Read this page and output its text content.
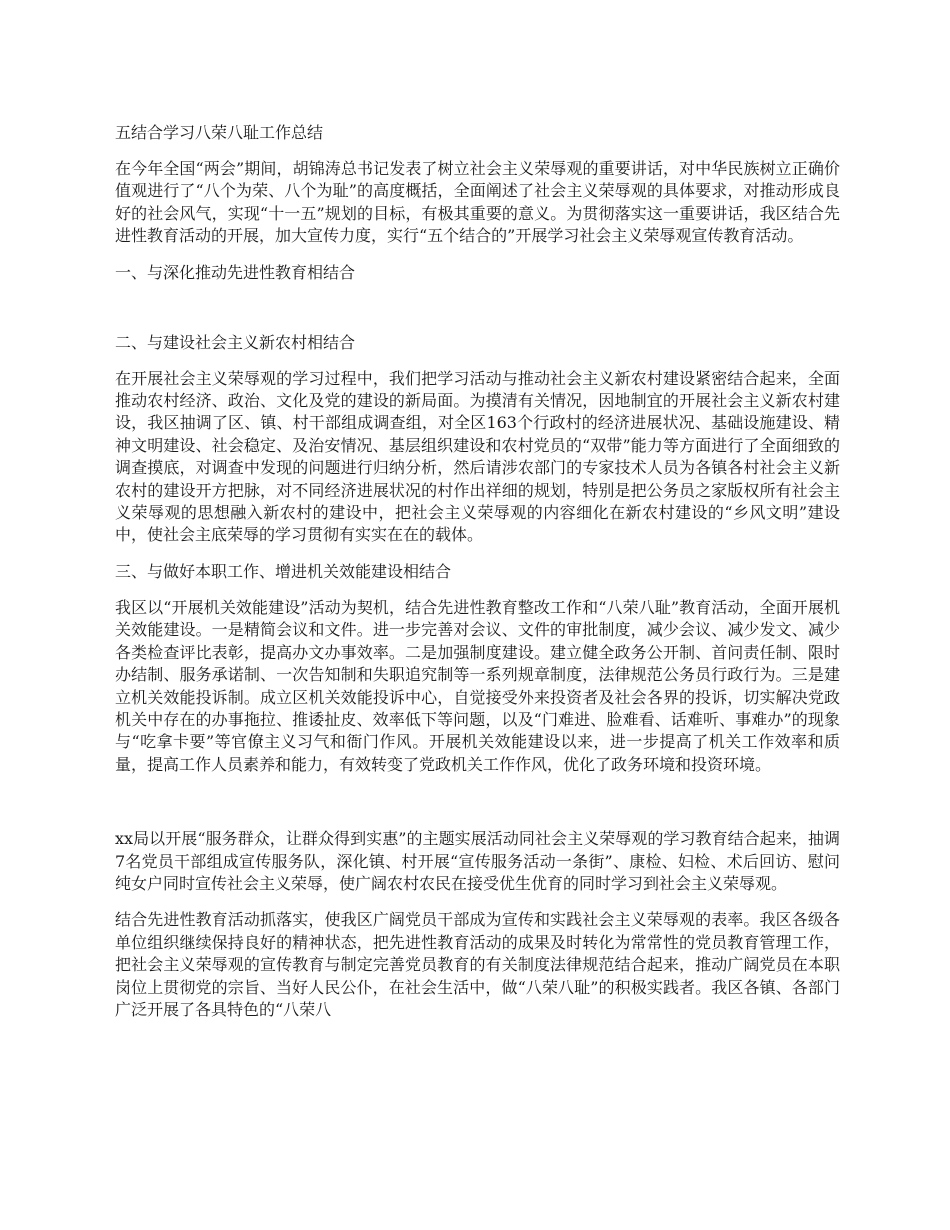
五结合学习八荣八耻工作总结

在今年全国“两会”期间，胡锦涛总书记发表了树立社会主义荣辱观的重要讲话，对中华民族树立正确价值观进行了“八个为荣、八个为耻”的高度概括，全面阐述了社会主义荣辱观的具体要求，对推动形成良好的社会风气，实现“十一五”规划的目标，有极其重要的意义。为贯彻落实这一重要讲话，我区结合先进性教育活动的开展，加大宣传力度，实行“五个结合的”开展学习社会主义荣辱观宣传教育活动。

一、与深化推动先进性教育相结合
二、与建设社会主义新农村相结合

在开展社会主义荣辱观的学习过程中，我们把学习活动与推动社会主义新农村建设紧密结合起来，全面推动农村经济、政治、文化及党的建设的新局面。为摸清有关情况，因地制宜的开展社会主义新农村建设，我区抽调了区、镇、村干部组成调查组，对全区163个行政村的经济进展状况、基础设施建设、精神文明建设、社会稳定、及治安情况、基层组织建设和农村党员的“双带”能力等方面进行了全面细致的调查摸底，对调查中发现的问题进行归纳分析，然后请涉农部门的专家技术人员为各镇各村社会主义新农村的建设开方把脉，对不同经济进展状况的村作出祥细的规划，特别是把公务员之家版权所有社会主义荣辱观的思想融入新农村的建设中，把社会主义荣辱观的内容细化在新农村建设的“乡风文明”建设中，使社会主底荣辱的学习贯彻有实实在在的载体。

三、与做好本职工作、增进机关效能建设相结合

我区以“开展机关效能建设”活动为契机，结合先进性教育整改工作和“八荣八耻”教育活动，全面开展机关效能建设。一是精简会议和文件。进一步完善对会议、文件的审批制度，减少会议、减少发文、减少各类检查评比表彰，提高办文办事效率。二是加强制度建设。建立健全政务公开制、首问责任制、限时办结制、服务承诺制、一次告知制和失职追究制等一系列规章制度，法律规范公务员行政行为。三是建立机关效能投诉制。成立区机关效能投诉中心，自觉接受外来投资者及社会各界的投诉，切实解决党政机关中存在的办事拖拉、推诿扯皮、效率低下等问题，以及“门难进、脸难看、话难听、事难办”的现象与“吃拿卡要”等官僚主义习气和衙门作风。开展机关效能建设以来，进一步提高了机关工作效率和质量，提高工作人员素养和能力，有效转变了党政机关工作作风，优化了政务环境和投资环境。

xx局以开展“服务群众，让群众得到实惠”的主题实展活动同社会主义荣辱观的学习教育结合起来，抽调7名党员干部组成宣传服务队，深化镇、村开展“宣传服务活动一条街”、康检、妇检、术后回访、慰问纯女户同时宣传社会主义荣辱，使广阔农村农民在接受优生优育的同时学习到社会主义荣辱观。

结合先进性教育活动抓落实，使我区广阔党员干部成为宣传和实践社会主义荣辱观的表率。我区各级各单位组织继续保持良好的精神状态，把先进性教育活动的成果及时转化为常常性的党员教育管理工作，把社会主义荣辱观的宣传教育与制定完善党员教育的有关制度法律规范结合起来，推动广阔党员在本职岗位上贯彻党的宗旨、当好人民公仆，在社会生活中，做“八荣八耻”的积极实践者。我区各镇、各部门广泛开展了各具特色的“八荣八
